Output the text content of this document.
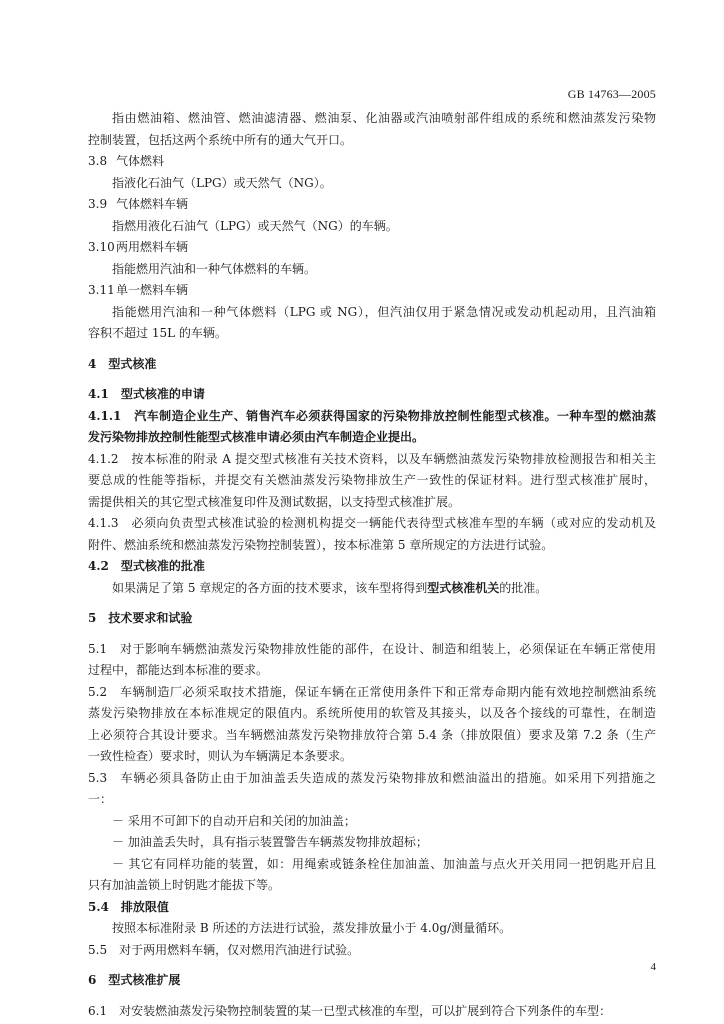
GB 14763—2005
指由燃油箱、燃油管、燃油滤清器、燃油泵、化油器或汽油喷射部件组成的系统和燃油蒸发污染物
控制装置，包括这两个系统中所有的通大气开口。
3.8 气体燃料
指液化石油气（LPG）或天然气（NG）。
3.9 气体燃料车辆
指燃用液化石油气（LPG）或天然气（NG）的车辆。
3.10两用燃料车辆
指能燃用汽油和一种气体燃料的车辆。
3.11单一燃料车辆
指能燃用汽油和一种气体燃料（LPG 或 NG），但汽油仅用于紧急情况或发动机起动用，且汽油箱
容积不超过 15L 的车辆。
4　型式核准
4.1　型式核准的申请
4.1.1　汽车制造企业生产、销售汽车必须获得国家的污染物排放控制性能型式核准。一种车型的燃油蒸
发污染物排放控制性能型式核准申请必须由汽车制造企业提出。
4.1.2　按本标准的附录 A 提交型式核准有关技术资料，以及车辆燃油蒸发污染物排放检测报告和相关主
要总成的性能等指标，并提交有关燃油蒸发污染物排放生产一致性的保证材料。进行型式核准扩展时，
需提供相关的其它型式核准复印件及测试数据，以支持型式核准扩展。
4.1.3　必须向负责型式核准试验的检测机构提交一辆能代表待型式核准车型的车辆（或对应的发动机及
附件、燃油系统和燃油蒸发污染物控制装置），按本标准第 5 章所规定的方法进行试验。
4.2　型式核准的批准
如果满足了第 5 章规定的各方面的技术要求，该车型将得到型式核准机关的批准。
5　技术要求和试验
5.1　对于影响车辆燃油蒸发污染物排放性能的部件，在设计、制造和组装上，必须保证在车辆正常使用
过程中，都能达到本标准的要求。
5.2　车辆制造厂必须采取技术措施，保证车辆在正常使用条件下和正常寿命期内能有效地控制燃油系统
蒸发污染物排放在本标准规定的限值内。系统所使用的软管及其接头，以及各个接线的可靠性，在制造
上必须符合其设计要求。当车辆燃油蒸发污染物排放符合第 5.4 条（排放限值）要求及第 7.2 条（生产
一致性检查）要求时，则认为车辆满足本条要求。
5.3　车辆必须具备防止由于加油盖丢失造成的蒸发污染物排放和燃油溢出的措施。如采用下列措施之
一：
－ 采用不可卸下的自动开启和关闭的加油盖；
－ 加油盖丢失时，具有指示装置警告车辆蒸发物排放超标；
－ 其它有同样功能的装置，如：用绳索或链条栓住加油盖、加油盖与点火开关用同一把钥匙开启且
只有加油盖锁上时钥匙才能拔下等。
5.4　排放限值
按照本标准附录 B 所述的方法进行试验，蒸发排放量小于 4.0g/测量循环。
5.5　对于两用燃料车辆，仅对燃用汽油进行试验。
6　型式核准扩展
6.1　对安装燃油蒸发污染物控制装置的某一已型式核准的车型，可以扩展到符合下列条件的车型：
4
